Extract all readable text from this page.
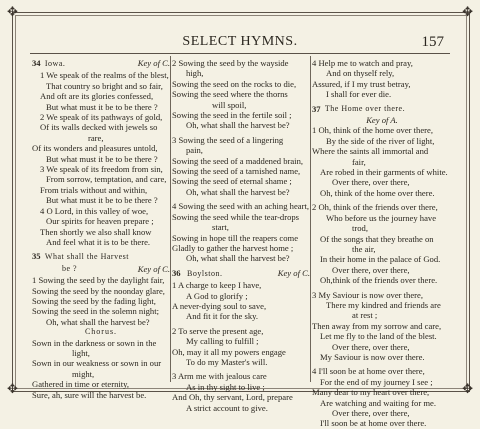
✥	✥
✥	✥
SELECT HYMNS.	157
34 Iowa.	Key of C.
1 We speak of the realms of the blest,
That country so bright and so fair,
And oft are its glories confessed,
But what must it be to be there ?
2 We speak of its pathways of gold,
Of its walls decked with jewels so
rare,
Of its wonders and pleasures untold,
But what must it be to be there ?
3 We speak of its freedom from sin,
From sorrow, temptation, and care,
From trials without and within,
But what must it be to be there ?
4 O Lord, in this valley of woe,
Our spirits for heaven prepare ;
Then shortly we also shall know
And feel what it is to be there.
35 What shall the Harvest
be ?	Key of C.
1 Sowing the seed by the daylight fair,
Sowing the seed by the noonday glare,
Sowing the seed by the fading light,
Sowing the seed in the solemn night;
Oh, what shall the harvest be?
Chorus.
Sown in the darkness or sown in the
light,
Sown in our weakness or sown in our
might,
Gathered in time or eternity,
Sure, ah, sure will the harvest be.
2 Sowing the seed by the wayside
high,
Sowing the seed on the rocks to die,
Sowing the seed where the thorns
will spoil,
Sowing the seed in the fertile soil ;
Oh, what shall the harvest be?
3 Sowing the seed of a lingering
pain,
Sowing the seed of a maddened brain,
Sowing the seed of a tarnished name,
Sowing the seed of eternal shame ;
Oh, what shall the harvest be?
4 Sowing the seed with an aching heart,
Sowing the seed while the tear-drops
start,
Sowing in hope till the reapers come
Gladly to gather the harvest home ;
Oh, what shall the harvest be?
36 Boylston.	Key of C.
1 A charge to keep I have,
A God to glorify ;
A never-dying soul to save,
And fit it for the sky.
2 To serve the present age,
My calling to fulfill ;
Oh, may it all my powers engage
To do my Master's will.
3 Arm me with jealous care
As in thy sight to live ;
And Oh, thy servant, Lord, prepare
A strict account to give.
4 Help me to watch and pray,
And on thyself rely,
Assured, if I my trust betray,
I shall for ever die.
37
The Home over there.
Key of A.
1 Oh, think of the home over there,
By the side of the river of light,
Where the saints all immortal and
fair,
Are robed in their garments of white.
Over there, over there,
Oh, think of the home over there.
2 Oh, think of the friends over there,
Who before us the journey have
trod,
Of the songs that they breathe on
the air,
In their home in the palace of God.
Over there, over there,
Oh,think of the friends over there.
3 My Saviour is now over there,
There my kindred and friends are
at rest ;
Then away from my sorrow and care,
Let me fly to the land of the blest.
Over there, over there,
My Saviour is now over there.
4 I'll soon be at home over there,
For the end of my journey I see ;
Many dear to my heart over there,
Are watching and waiting for me.
Over there, over there,
I'll soon be at home over there.
